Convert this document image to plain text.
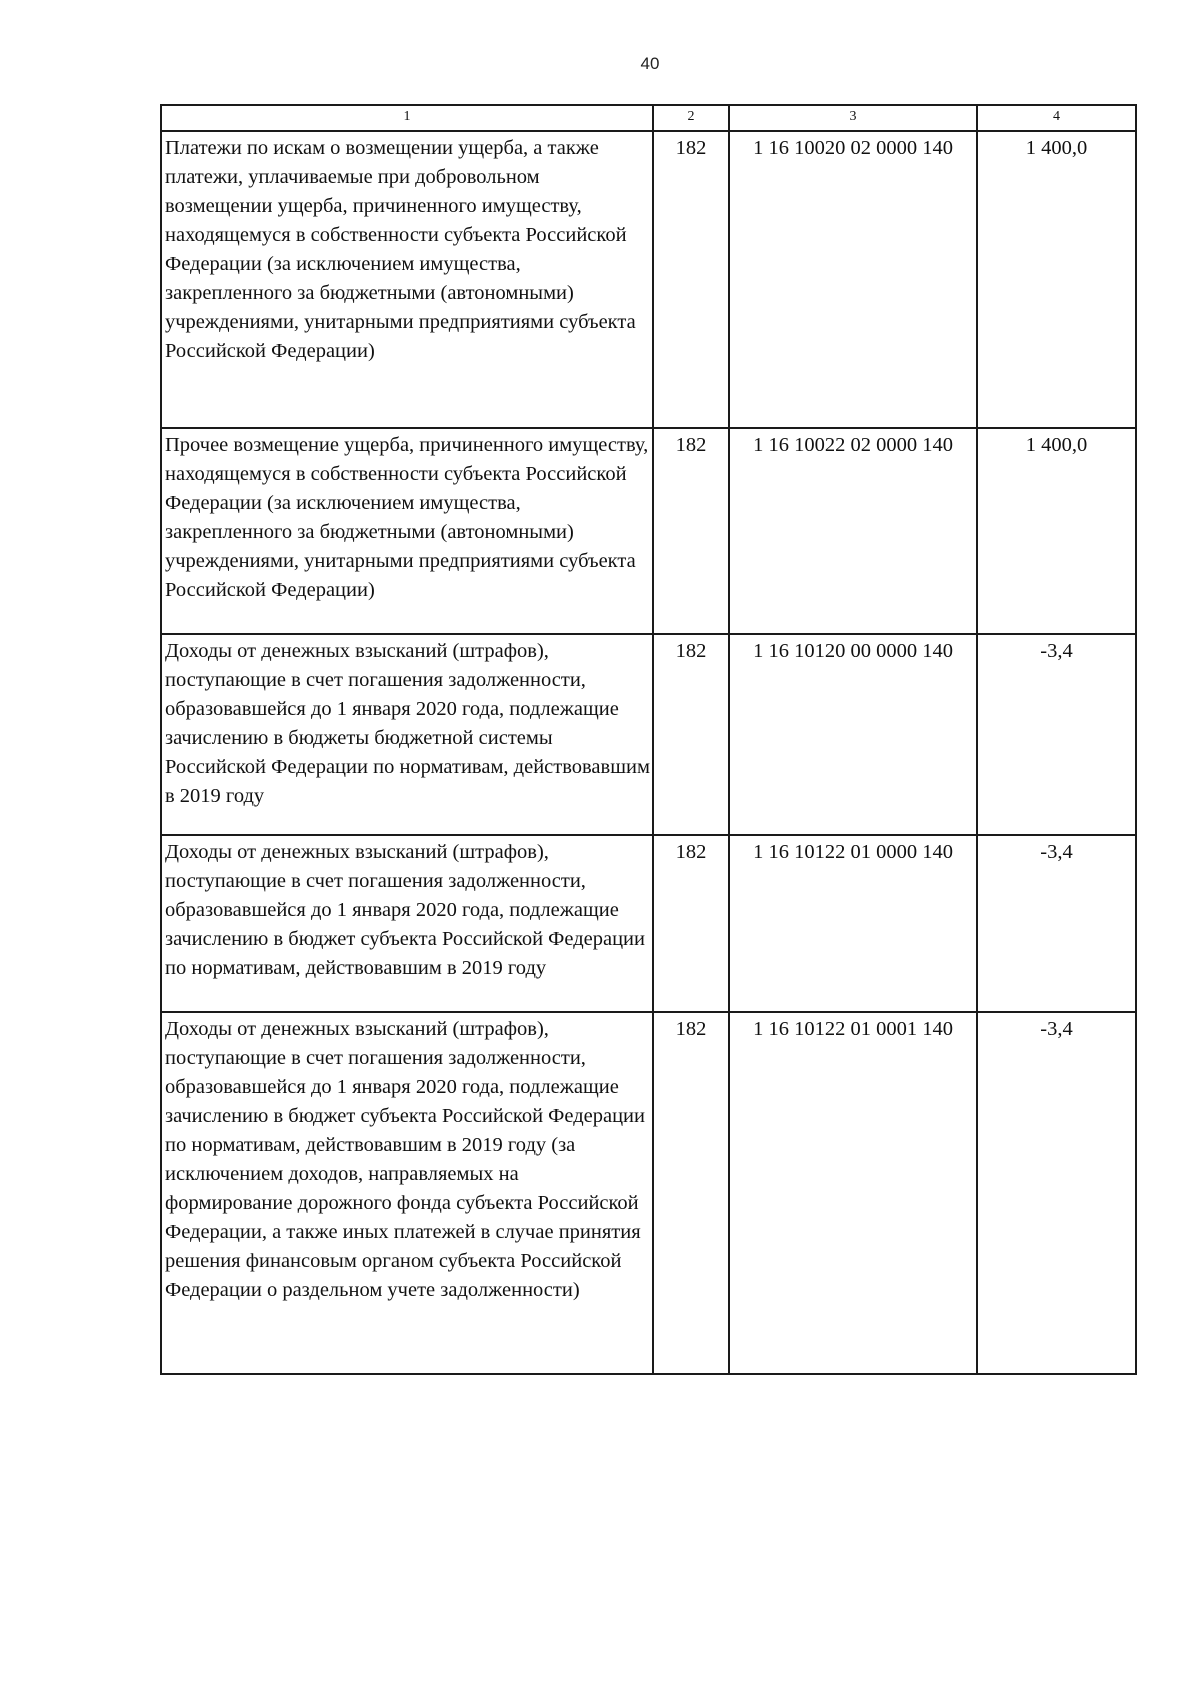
40
1	2	3	4
Платежи по искам о возмещении ущерба, а также платежи, уплачиваемые при добровольном возмещении ущерба, причиненного имуществу, находящемуся в собственности субъекта Российской Федерации (за исключением имущества, закрепленного за бюджетными (автономными) учреждениями, унитарными предприятиями субъекта Российской Федерации)	182	1 16 10020 02 0000 140	1 400,0
Прочее возмещение ущерба, причиненного имуществу, находящемуся в собственности субъекта Российской Федерации (за исключением имущества, закрепленного за бюджетными (автономными) учреждениями, унитарными предприятиями субъекта Российской Федерации)	182	1 16 10022 02 0000 140	1 400,0
Доходы от денежных взысканий (штрафов), поступающие в счет погашения задолженности, образовавшейся до 1 января 2020 года, подлежащие зачислению в бюджеты бюджетной системы Российской Федерации по нормативам, действовавшим в 2019 году	182	1 16 10120 00 0000 140	-3,4
Доходы от денежных взысканий (штрафов), поступающие в счет погашения задолженности, образовавшейся до 1 января 2020 года, подлежащие зачислению в бюджет субъекта Российской Федерации по нормативам, действовавшим в 2019 году	182	1 16 10122 01 0000 140	-3,4
Доходы от денежных взысканий (штрафов), поступающие в счет погашения задолженности, образовавшейся до 1 января 2020 года, подлежащие зачислению в бюджет субъекта Российской Федерации по нормативам, действовавшим в 2019 году (за исключением доходов, направляемых на формирование дорожного фонда субъекта Российской Федерации, а также иных платежей в случае принятия решения финансовым органом субъекта Российской Федерации о раздельном учете задолженности)	182	1 16 10122 01 0001 140	-3,4
